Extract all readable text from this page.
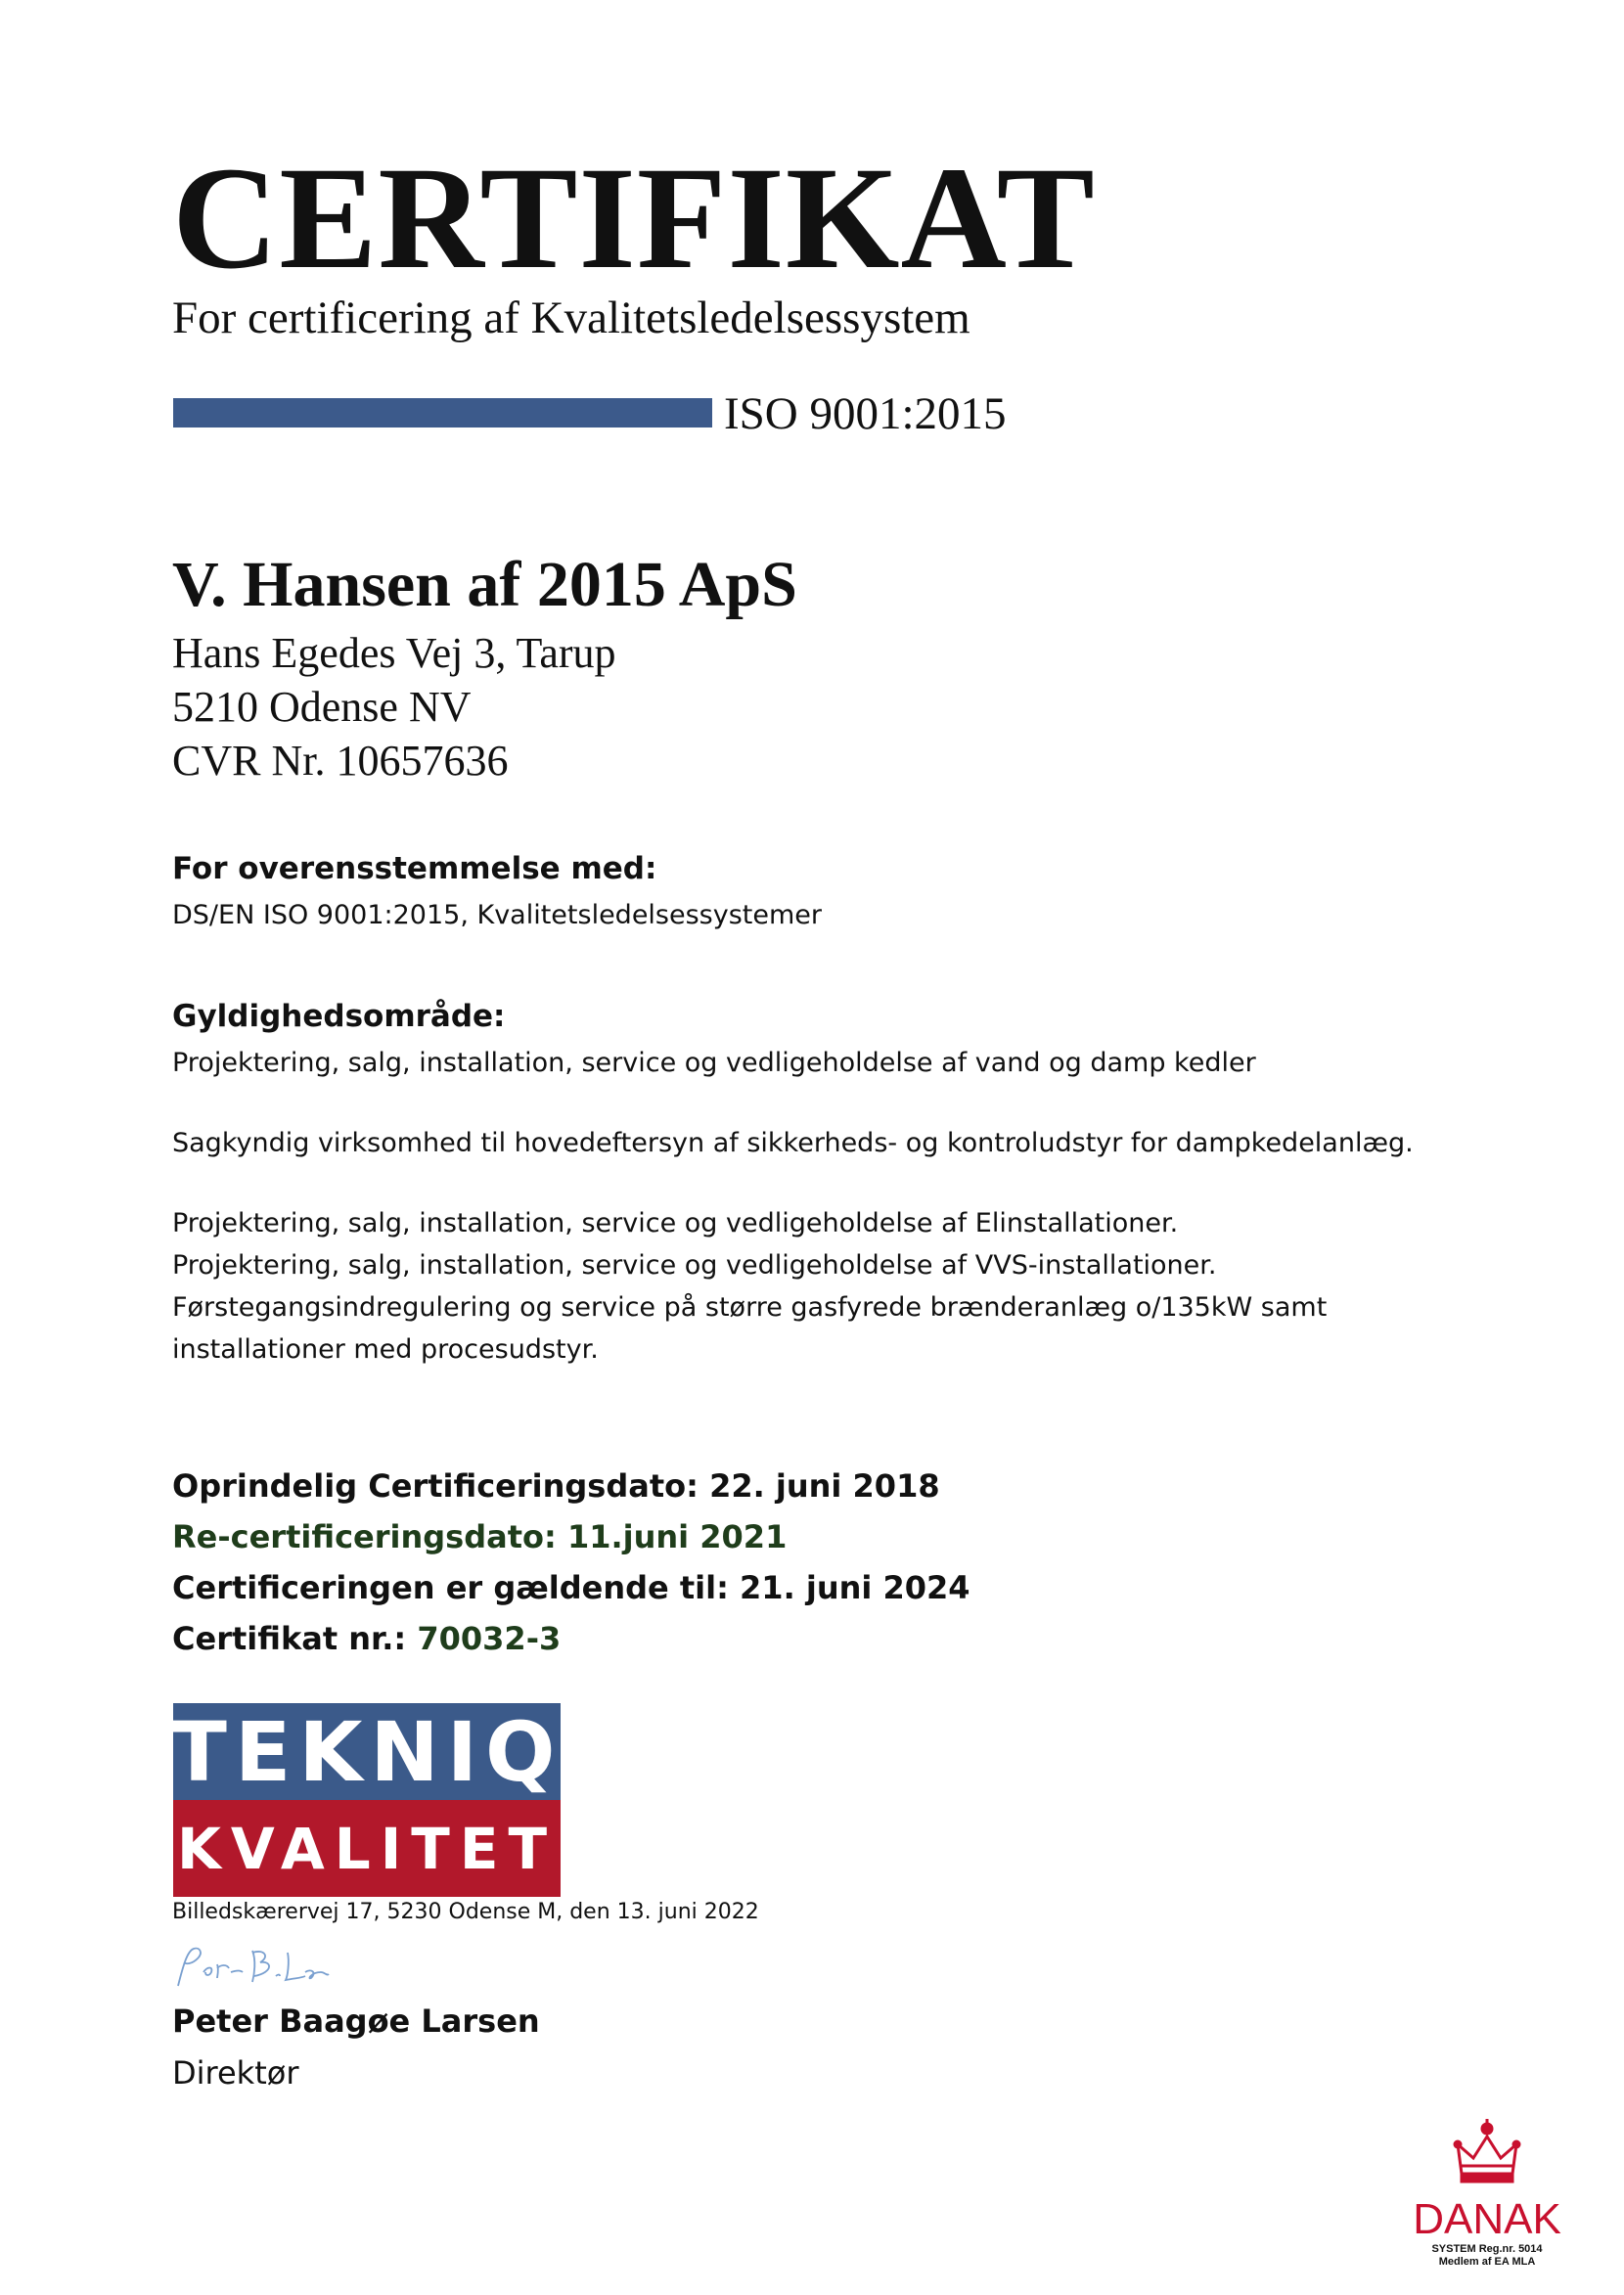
CERTIFIKAT
For certificering af Kvalitetsledelsessystem
ISO 9001:2015
V. Hansen af 2015 ApS
Hans Egedes Vej 3, Tarup
5210 Odense NV
CVR Nr. 10657636
For overensstemmelse med:
DS/EN ISO 9001:2015, Kvalitetsledelsessystemer
Gyldighedsområde:
Projektering, salg, installation, service og vedligeholdelse af vand og damp kedler
Sagkyndig virksomhed til hovedeftersyn af sikkerheds- og kontroludstyr for dampkedelanlæg.
Projektering, salg, installation, service og vedligeholdelse af Elinstallationer.
Projektering, salg, installation, service og vedligeholdelse af VVS-installationer.
Førstegangsindregulering og service på større gasfyrede brænderanlæg o/135kW samt
installationer med procesudstyr.
Oprindelig Certificeringsdato: 22. juni 2018
Re-certificeringsdato: 11.juni 2021
Certificeringen er gældende til: 21. juni 2024
Certifikat nr.: 70032-3
TEKNIQ
KVALITET
Billedskærervej 17, 5230 Odense M, den 13. juni 2022
Peter Baagøe Larsen
Direktør
DANAK
SYSTEM Reg.nr. 5014
Medlem af EA MLA
